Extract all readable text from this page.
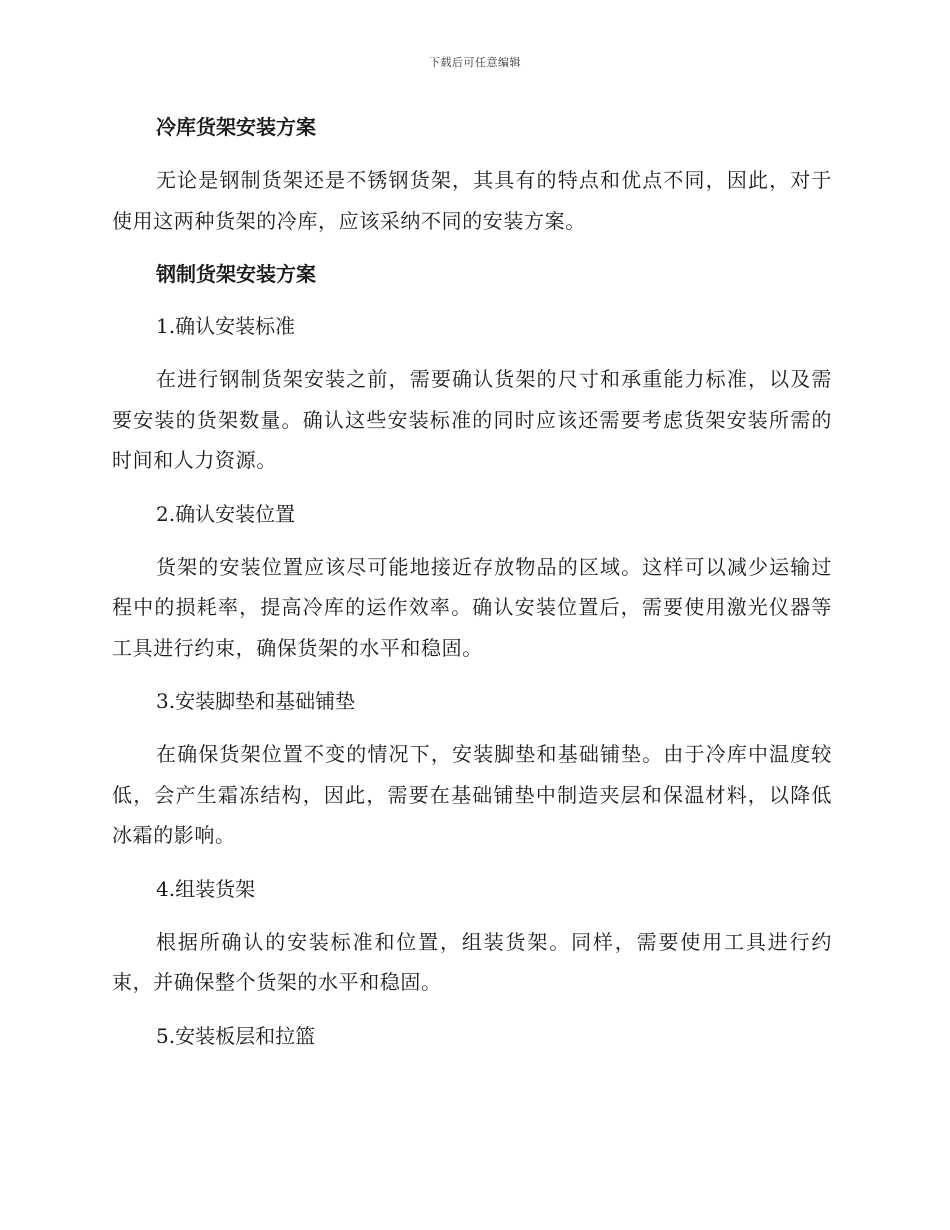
下载后可任意编辑
冷库货架安装方案
无论是钢制货架还是不锈钢货架，其具有的特点和优点不同，因此，对于使用这两种货架的冷库，应该采纳不同的安装方案。
钢制货架安装方案
1.确认安装标准
在进行钢制货架安装之前，需要确认货架的尺寸和承重能力标准，以及需要安装的货架数量。确认这些安装标准的同时应该还需要考虑货架安装所需的时间和人力资源。
2.确认安装位置
货架的安装位置应该尽可能地接近存放物品的区域。这样可以减少运输过程中的损耗率，提高冷库的运作效率。确认安装位置后，需要使用激光仪器等工具进行约束，确保货架的水平和稳固。
3.安装脚垫和基础铺垫
在确保货架位置不变的情况下，安装脚垫和基础铺垫。由于冷库中温度较低，会产生霜冻结构，因此，需要在基础铺垫中制造夹层和保温材料，以降低冰霜的影响。
4.组装货架
根据所确认的安装标准和位置，组装货架。同样，需要使用工具进行约束，并确保整个货架的水平和稳固。
5.安装板层和拉篮
